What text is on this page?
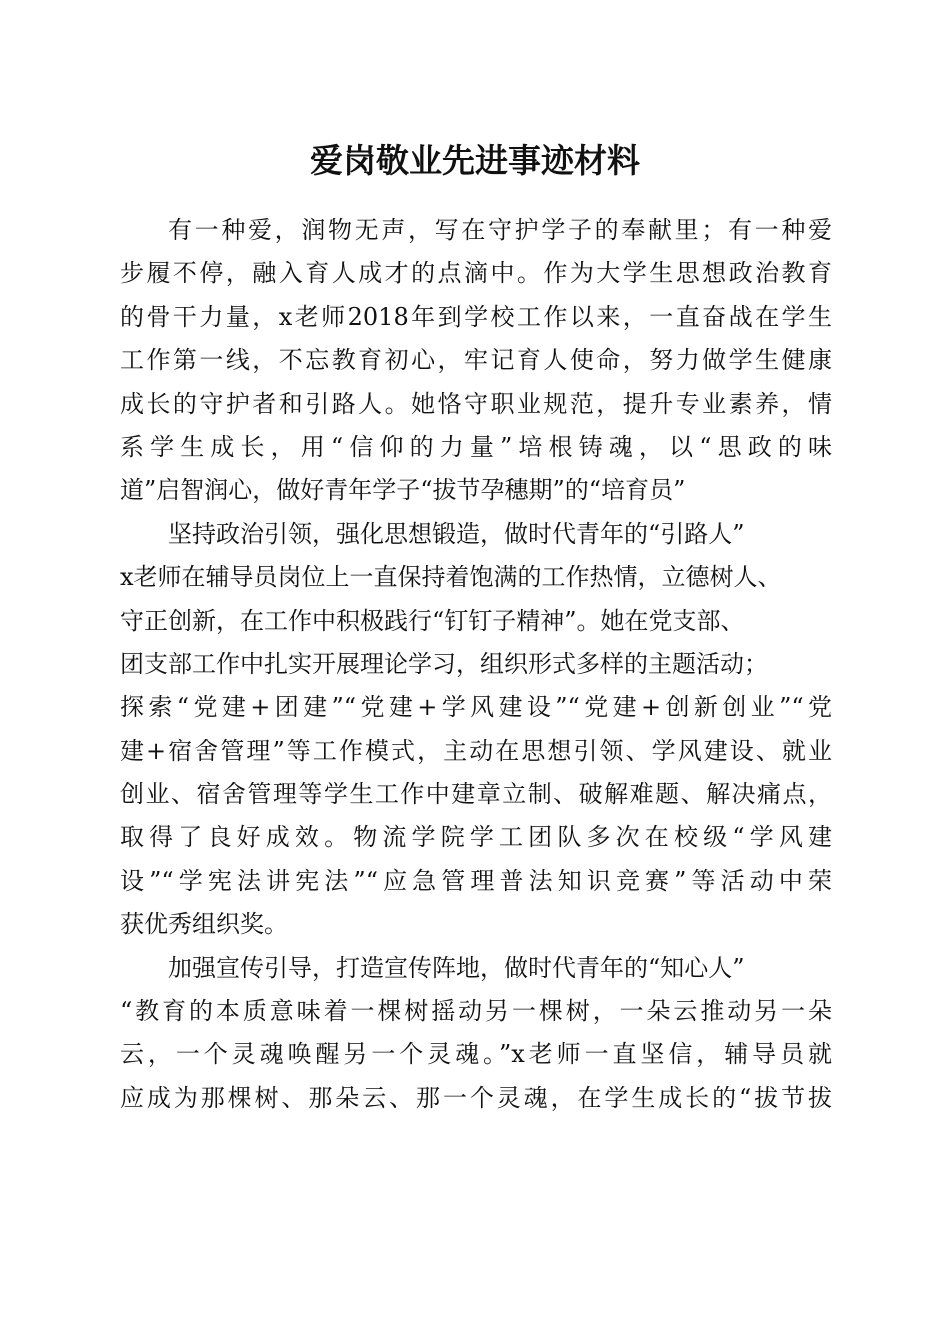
爱岗敬业先进事迹材料
有一种爱，润物无声，写在守护学子的奉献里；有一种爱
步履不停，融入育人成才的点滴中。作为大学生思想政治教育
的骨干力量，x老师2018年到学校工作以来，一直奋战在学生
工作第一线，不忘教育初心，牢记育人使命，努力做学生健康
成长的守护者和引路人。她恪守职业规范，提升专业素养，情
系学生成长，用“信仰的力量”培根铸魂，以“思政的味
道”启智润心，做好青年学子“拔节孕穗期”的“培育员”
坚持政治引领，强化思想锻造，做时代青年的“引路人”
x老师在辅导员岗位上一直保持着饱满的工作热情，立德树人、
守正创新，在工作中积极践行“钉钉子精神”。她在党支部、
团支部工作中扎实开展理论学习，组织形式多样的主题活动；
探索“党建+团建”“党建+学风建设”“党建+创新创业”“党
建+宿舍管理”等工作模式，主动在思想引领、学风建设、就业
创业、宿舍管理等学生工作中建章立制、破解难题、解决痛点，
取得了良好成效。物流学院学工团队多次在校级“学风建
设”“学宪法讲宪法”“应急管理普法知识竞赛”等活动中荣
获优秀组织奖。
加强宣传引导，打造宣传阵地，做时代青年的“知心人”
“教育的本质意味着一棵树摇动另一棵树，一朵云推动另一朵
云，一个灵魂唤醒另一个灵魂。”x老师一直坚信，辅导员就
应成为那棵树、那朵云、那一个灵魂，在学生成长的“拔节拔
